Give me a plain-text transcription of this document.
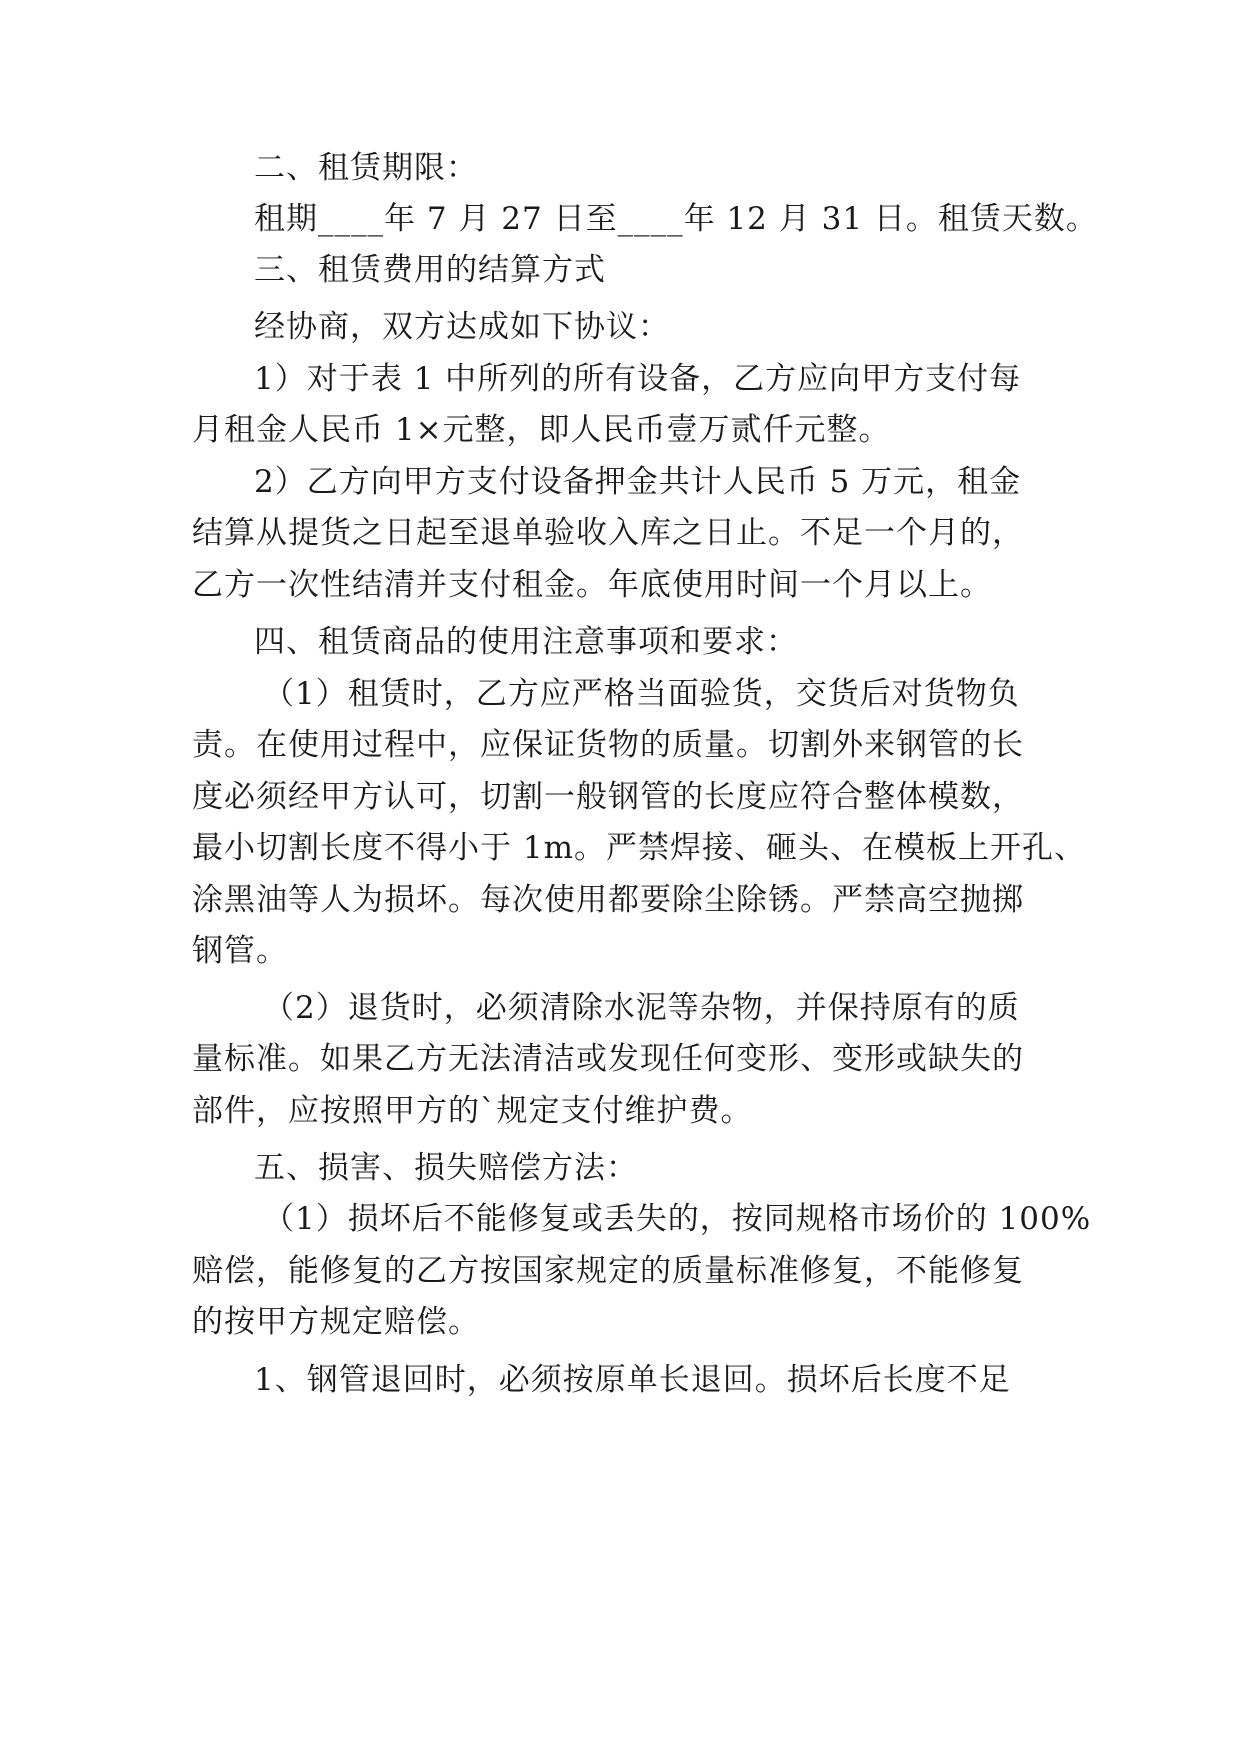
二、租赁期限：
租期____年 7 月 27 日至____年 12 月 31 日。租赁天数。
三、租赁费用的结算方式
经协商，双方达成如下协议：
1）对于表 1 中所列的所有设备，乙方应向甲方支付每
月租金人民币 1×元整，即人民币壹万贰仟元整。
2）乙方向甲方支付设备押金共计人民币 5 万元，租金
结算从提货之日起至退单验收入库之日止。不足一个月的，
乙方一次性结清并支付租金。年底使用时间一个月以上。
四、租赁商品的使用注意事项和要求：
（1）租赁时，乙方应严格当面验货，交货后对货物负
责。在使用过程中，应保证货物的质量。切割外来钢管的长
度必须经甲方认可，切割一般钢管的长度应符合整体模数，
最小切割长度不得小于 1m。严禁焊接、砸头、在模板上开孔、
涂黑油等人为损坏。每次使用都要除尘除锈。严禁高空抛掷
钢管。
（2）退货时，必须清除水泥等杂物，并保持原有的质
量标准。如果乙方无法清洁或发现任何变形、变形或缺失的
部件，应按照甲方的`规定支付维护费。
五、损害、损失赔偿方法：
（1）损坏后不能修复或丢失的，按同规格市场价的 100%
赔偿，能修复的乙方按国家规定的质量标准修复，不能修复
的按甲方规定赔偿。
1、钢管退回时，必须按原单长退回。损坏后长度不足
